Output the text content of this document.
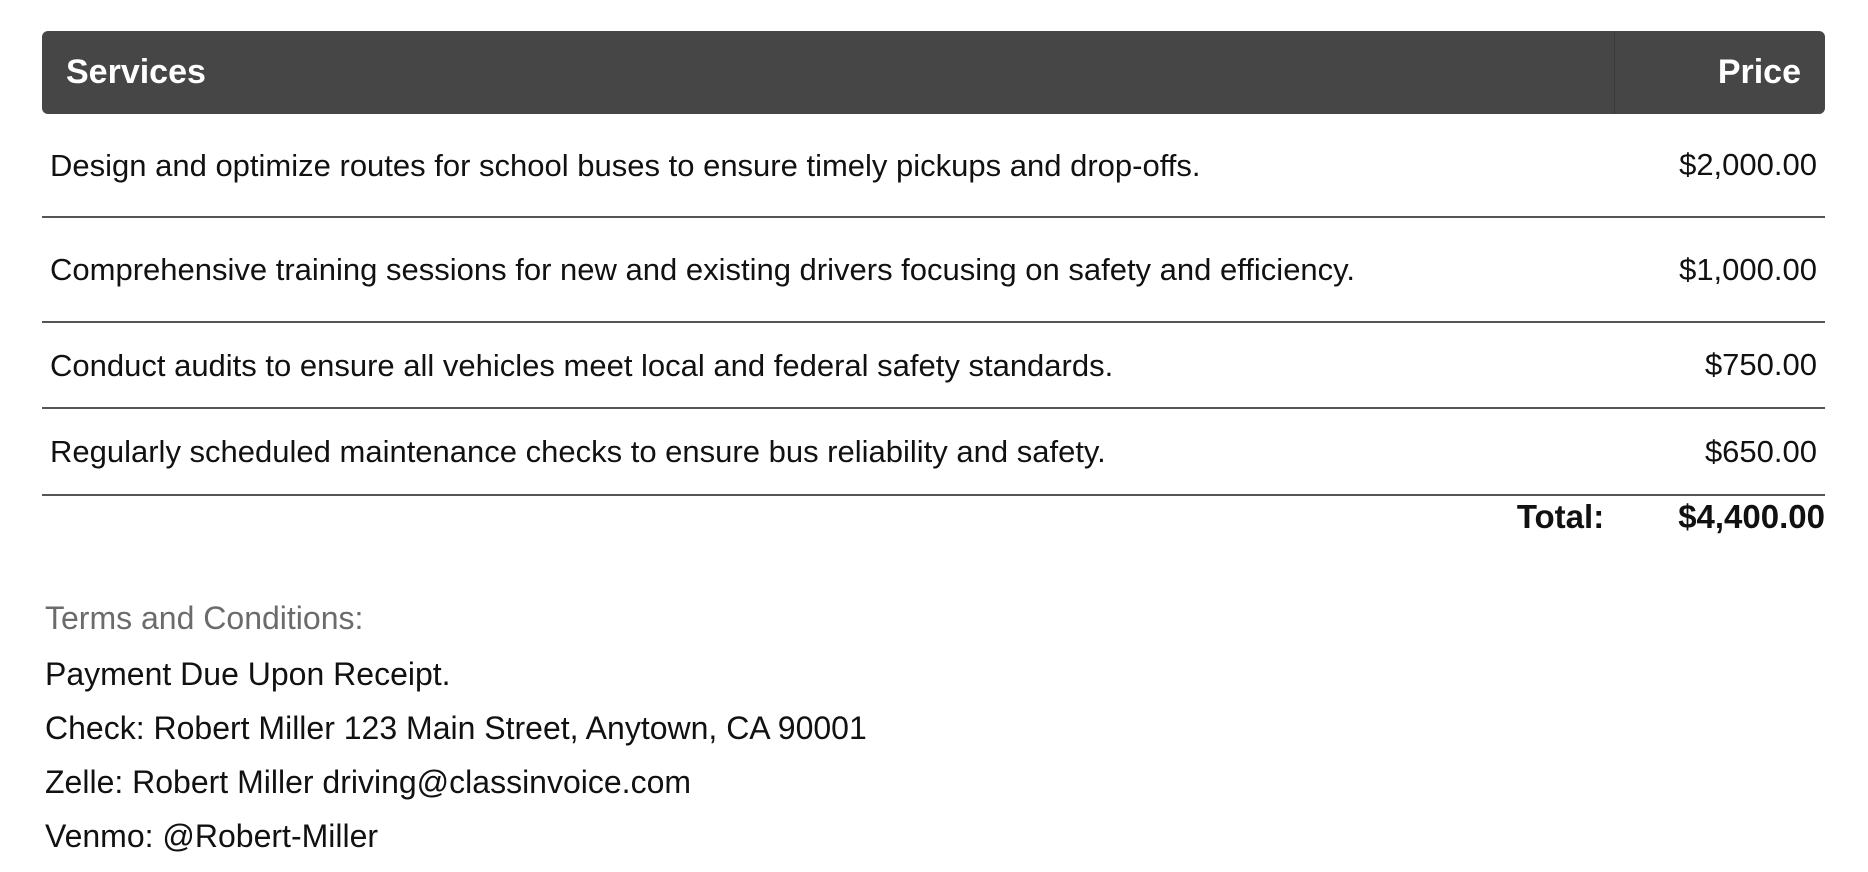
Services	Price
Design and optimize routes for school buses to ensure timely pickups and drop-offs.	$2,000.00
Comprehensive training sessions for new and existing drivers focusing on safety and efficiency.	$1,000.00
Conduct audits to ensure all vehicles meet local and federal safety standards.	$750.00
Regularly scheduled maintenance checks to ensure bus reliability and safety.	$650.00
Total: $4,400.00
Terms and Conditions:
Payment Due Upon Receipt.
Check: Robert Miller 123 Main Street, Anytown, CA 90001
Zelle: Robert Miller driving@classinvoice.com
Venmo: @Robert-Miller
